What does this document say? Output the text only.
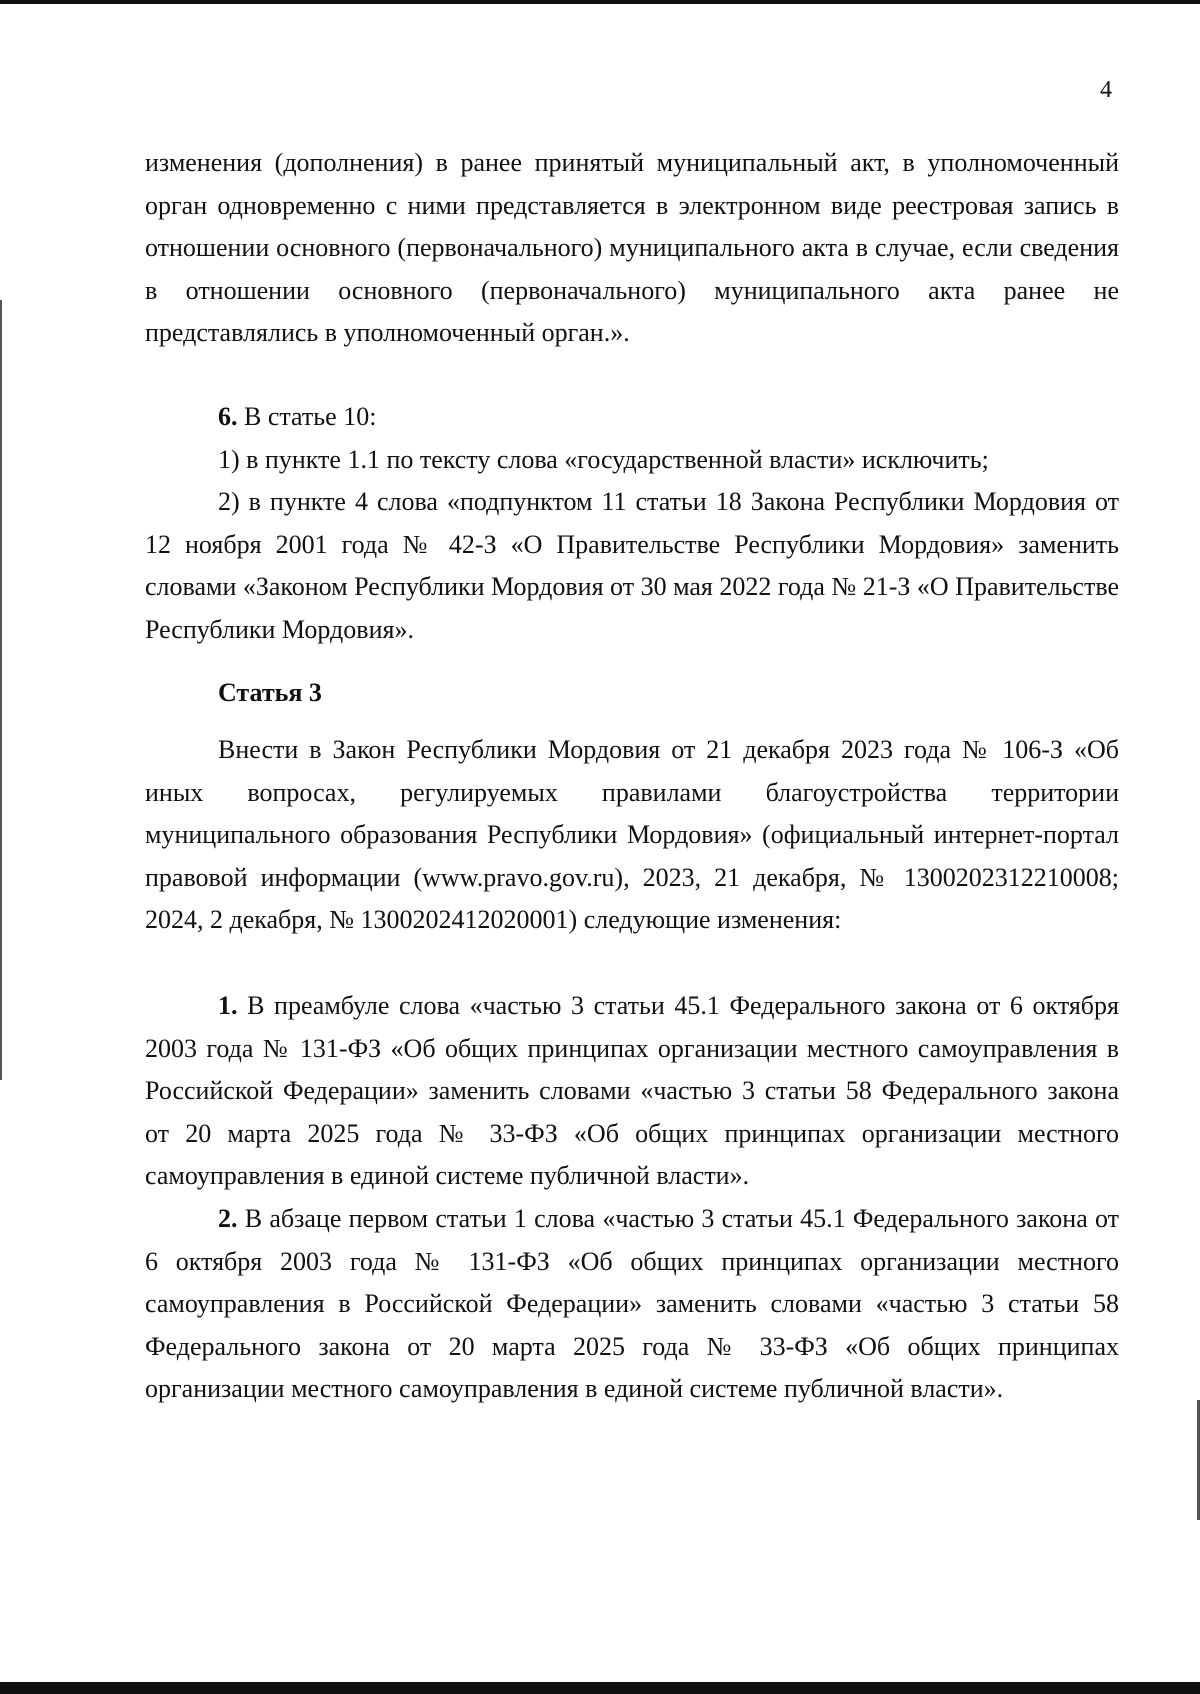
4

изменения (дополнения) в ранее принятый муниципальный акт, в уполномоченный орган одновременно с ними представляется в электронном виде реестровая запись в отношении основного (первоначального) муниципального акта в случае, если сведения в отношении основного (первоначального) муниципального акта ранее не представлялись в уполномоченный орган.».

6. В статье 10:

1) в пункте 1.1 по тексту слова «государственной власти» исключить;

2) в пункте 4 слова «подпунктом 11 статьи 18 Закона Республики Мордовия от 12 ноября 2001 года № 42-З «О Правительстве Республики Мордовия» заменить словами «Законом Республики Мордовия от 30 мая 2022 года № 21-З «О Правительстве Республики Мордовия».

Статья 3

Внести в Закон Республики Мордовия от 21 декабря 2023 года № 106-З «Об иных вопросах, регулируемых правилами благоустройства территории муниципального образования Республики Мордовия» (официальный интернет-портал правовой информации (www.pravo.gov.ru), 2023, 21 декабря, № 1300202312210008; 2024, 2 декабря, № 1300202412020001) следующие изменения:

1. В преамбуле слова «частью 3 статьи 45.1 Федерального закона от 6 октября 2003 года № 131-ФЗ «Об общих принципах организации местного самоуправления в Российской Федерации» заменить словами «частью 3 статьи 58 Федерального закона от 20 марта 2025 года № 33-ФЗ «Об общих принципах организации местного самоуправления в единой системе публичной власти».

2. В абзаце первом статьи 1 слова «частью 3 статьи 45.1 Федерального закона от 6 октября 2003 года № 131-ФЗ «Об общих принципах организации местного самоуправления в Российской Федерации» заменить словами «частью 3 статьи 58 Федерального закона от 20 марта 2025 года № 33-ФЗ «Об общих принципах организации местного самоуправления в единой системе публичной власти».
